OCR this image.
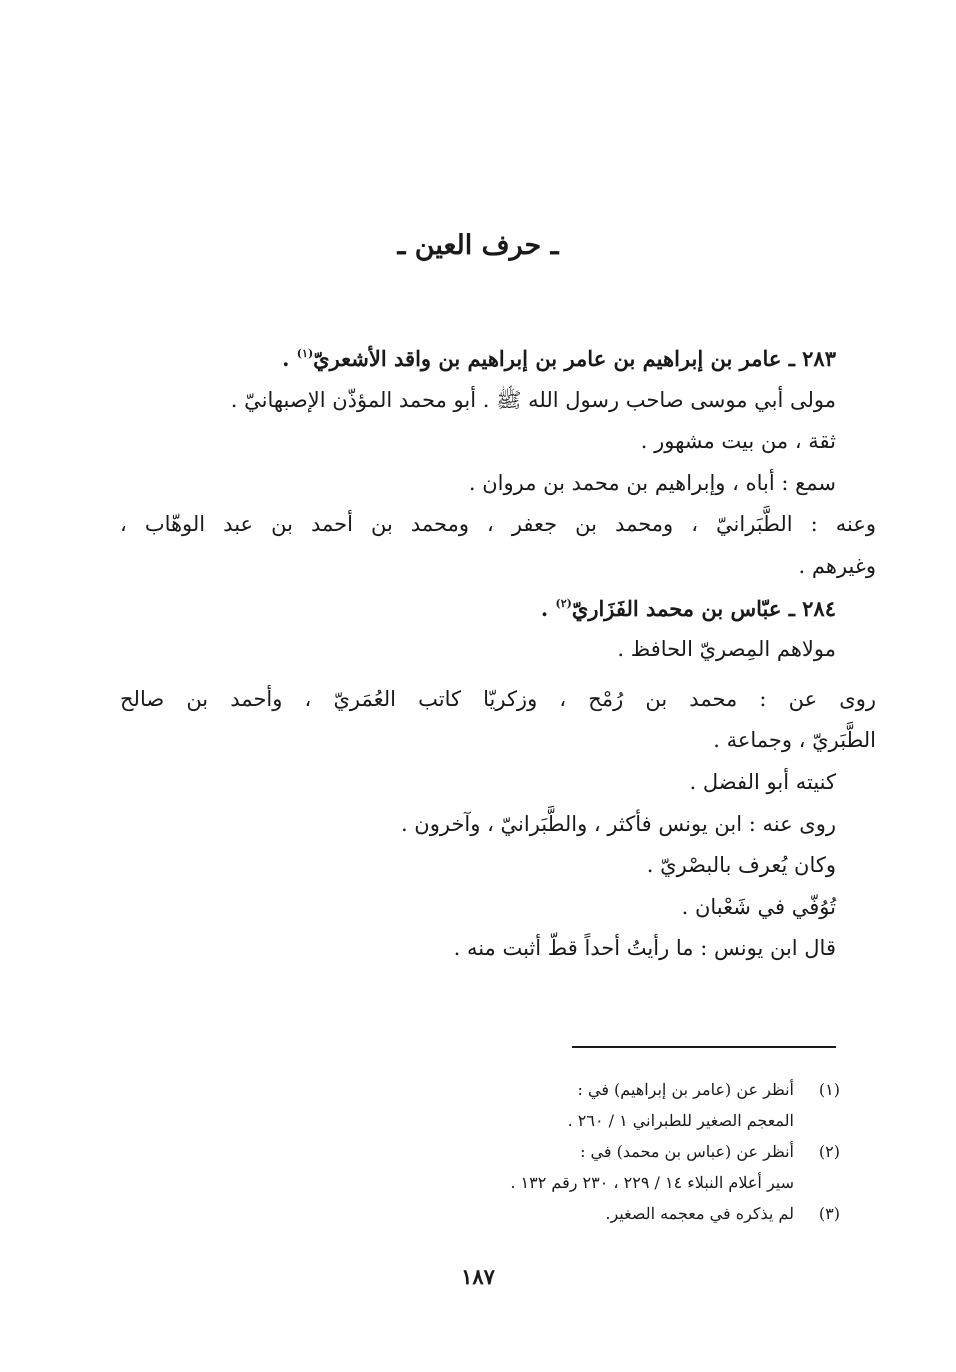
ـ حرف العين ـ

٢٨٣ ـ عامر بن إبراهيم بن عامر بن إبراهيم بن واقد الأشعريّ$^{(١)}$ .

مولى أبي موسى صاحب رسول الله ﷺ . أبو محمد المؤذّن الإصبهانيّ .

ثقة ، من بيت مشهور .

سمع : أباه ، وإبراهيم بن محمد بن مروان .

وعنه : الطَّبَرانيّ ، ومحمد بن جعفر ، ومحمد بن أحمد بن عبد الوهّاب ،

وغيرهم .

٢٨٤ ـ عبّاس بن محمد الفَزَاريّ$^{(٢)}$ .

مولاهم المِصريّ الحافظ .

روى عن : محمد بن رُمْح ، وزكريّا كاتب العُمَريّ ، وأحمد بن صالح

الطَّبَريّ ، وجماعة .

كنيته أبو الفضل .

روى عنه : ابن يونس فأكثر ، والطَّبَرانيّ ، وآخرون .

وكان يُعرف بالبصْريّ .

تُوُفّي في شَعْبان .

قال ابن يونس : ما رأيتُ أحداً قطّ أثبت منه .

(١)أنظر عن (عامر بن إبراهيم) في :

المعجم الصغير للطبراني ١ / ٢٦٠ .

(٢)أنظر عن (عباس بن محمد) في :

سير أعلام النبلاء ١٤ / ٢٢٩ ، ٢٣٠ رقم ١٣٢ .

(٣)لم يذكره في معجمه الصغير.

١٨٧
